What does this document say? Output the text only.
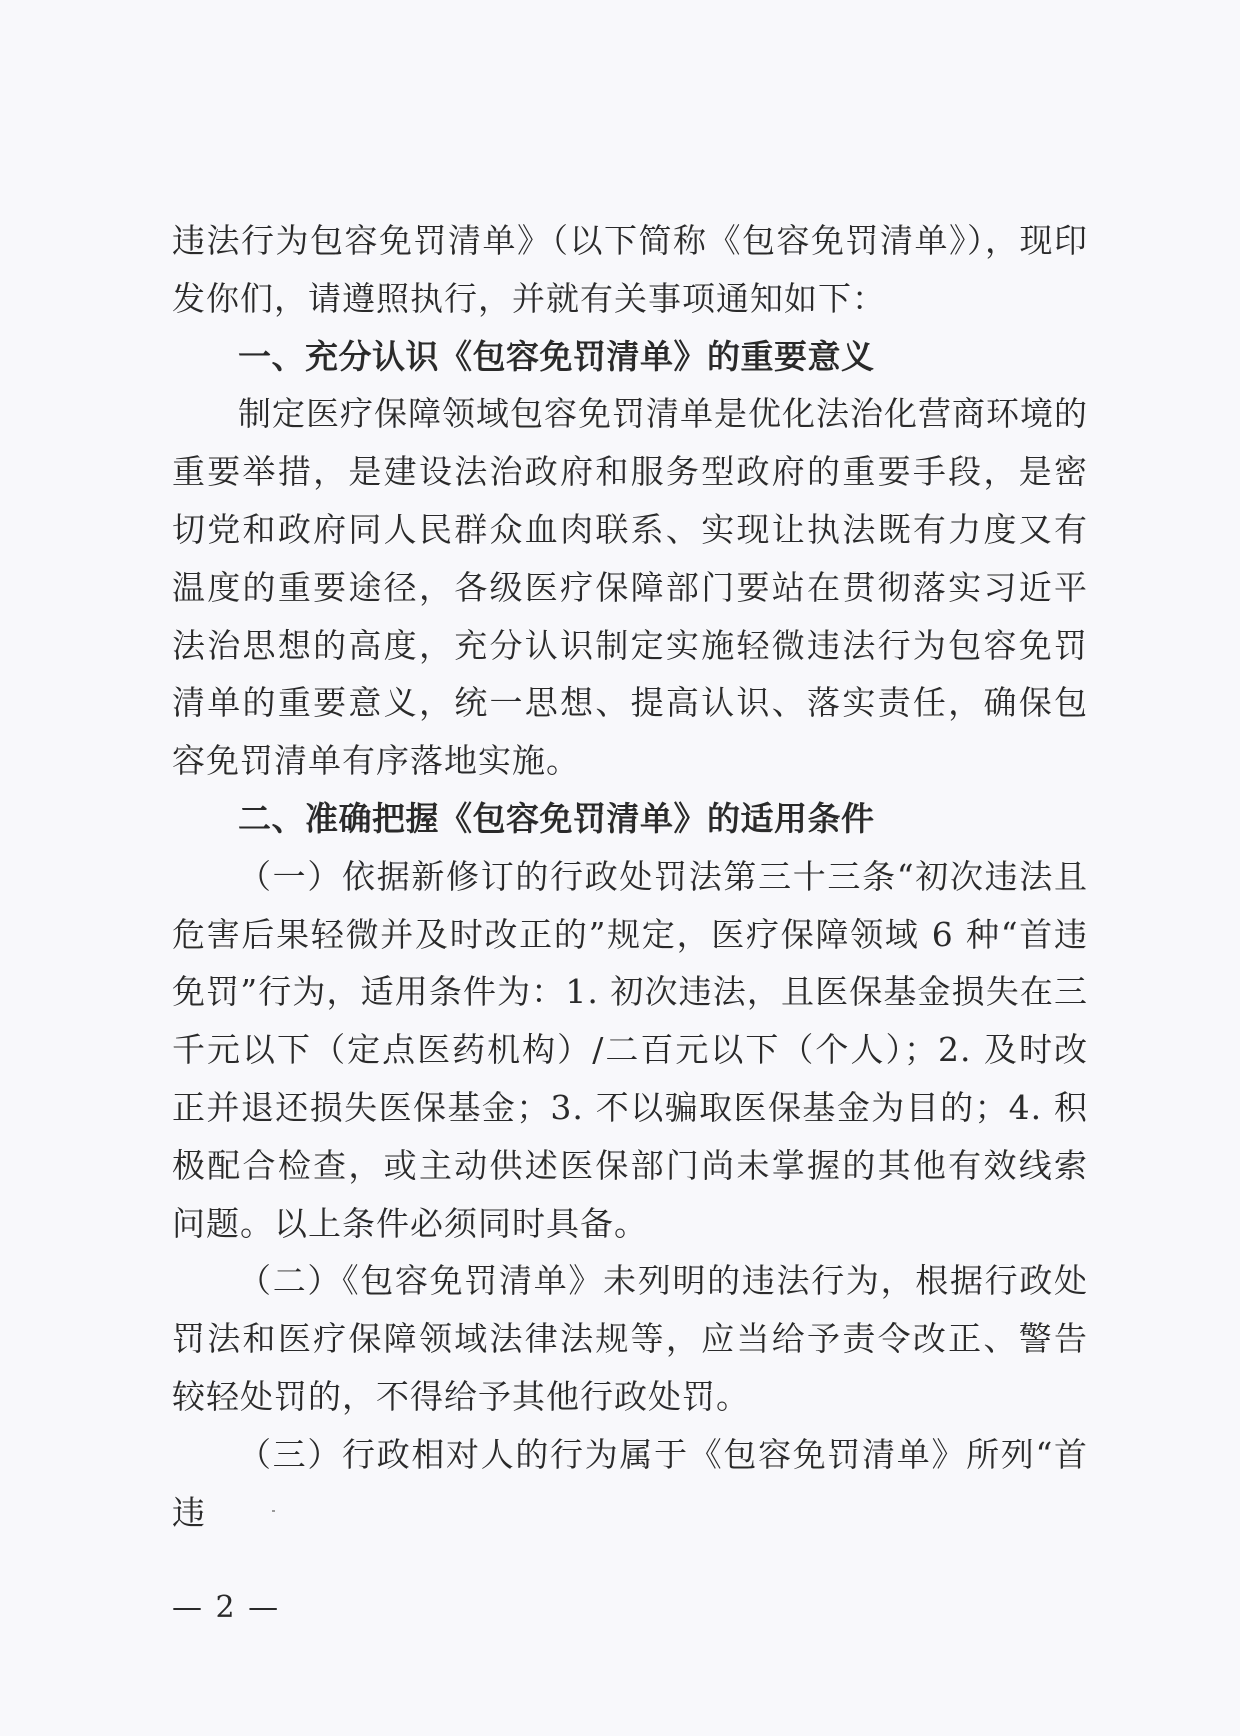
违法行为包容免罚清单》（以下简称《包容免罚清单》），现印发你们，请遵照执行，并就有关事项通知如下：

一、充分认识《包容免罚清单》的重要意义

制定医疗保障领域包容免罚清单是优化法治化营商环境的重要举措，是建设法治政府和服务型政府的重要手段，是密切党和政府同人民群众血肉联系、实现让执法既有力度又有温度的重要途径，各级医疗保障部门要站在贯彻落实习近平法治思想的高度，充分认识制定实施轻微违法行为包容免罚清单的重要意义，统一思想、提高认识、落实责任，确保包容免罚清单有序落地实施。

二、准确把握《包容免罚清单》的适用条件

（一）依据新修订的行政处罚法第三十三条“初次违法且危害后果轻微并及时改正的”规定，医疗保障领域 6 种“首违免罚”行为，适用条件为：1. 初次违法，且医保基金损失在三千元以下（定点医药机构）/二百元以下（个人）；2. 及时改正并退还损失医保基金；3. 不以骗取医保基金为目的；4. 积极配合检查，或主动供述医保部门尚未掌握的其他有效线索问题。以上条件必须同时具备。

（二）《包容免罚清单》未列明的违法行为，根据行政处罚法和医疗保障领域法律法规等，应当给予责令改正、警告较轻处罚的，不得给予其他行政处罚。

（三）行政相对人的行为属于《包容免罚清单》所列“首违

— 2 —
